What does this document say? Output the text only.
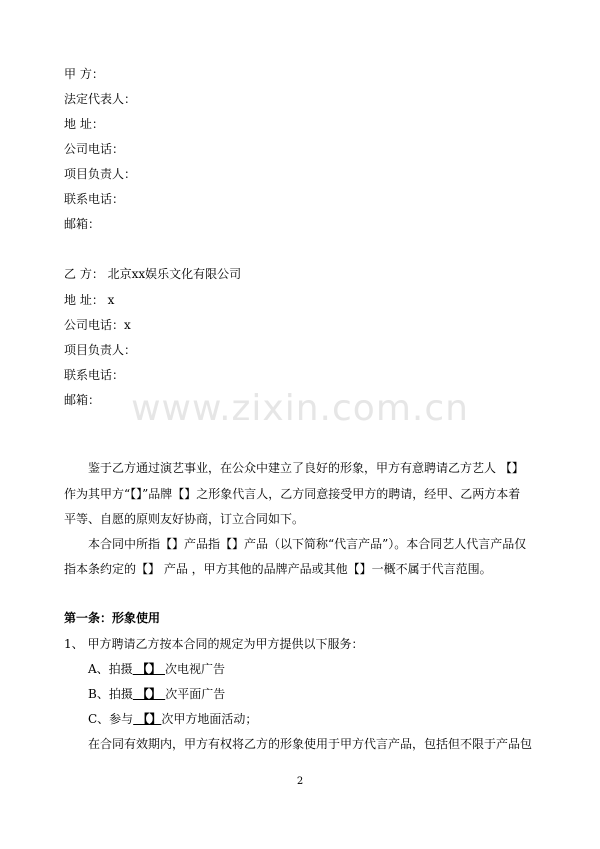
甲 方：
法定代表人：
地 址：
公司电话：
项目负责人：
联系电话：
邮箱：
乙 方： 北京xx娱乐文化有限公司
地 址： x
公司电话：x
项目负责人：
联系电话：
邮箱： www.zixin.com.cn
鉴于乙方通过演艺事业，在公众中建立了良好的形象，甲方有意聘请乙方艺人 【】
作为其甲方“【】”品牌【】之形象代言人，乙方同意接受甲方的聘请，经甲、乙两方本着
平等、自愿的原则友好协商，订立合同如下。
本合同中所指【】产品指【】产品（以下简称“代言产品”）。本合同艺人代言产品仅
指本条约定的【】 产品 ，甲方其他的品牌产品或其他【】一概不属于代言范围。
第一条：形象使用
1、 甲方聘请乙方按本合同的规定为甲方提供以下服务：
A、拍摄 【】 次电视广告
B、拍摄 【】 次平面广告
C、参与 【】次甲方地面活动；
在合同有效期内，甲方有权将乙方的形象使用于甲方代言产品，包括但不限于产品包
2
